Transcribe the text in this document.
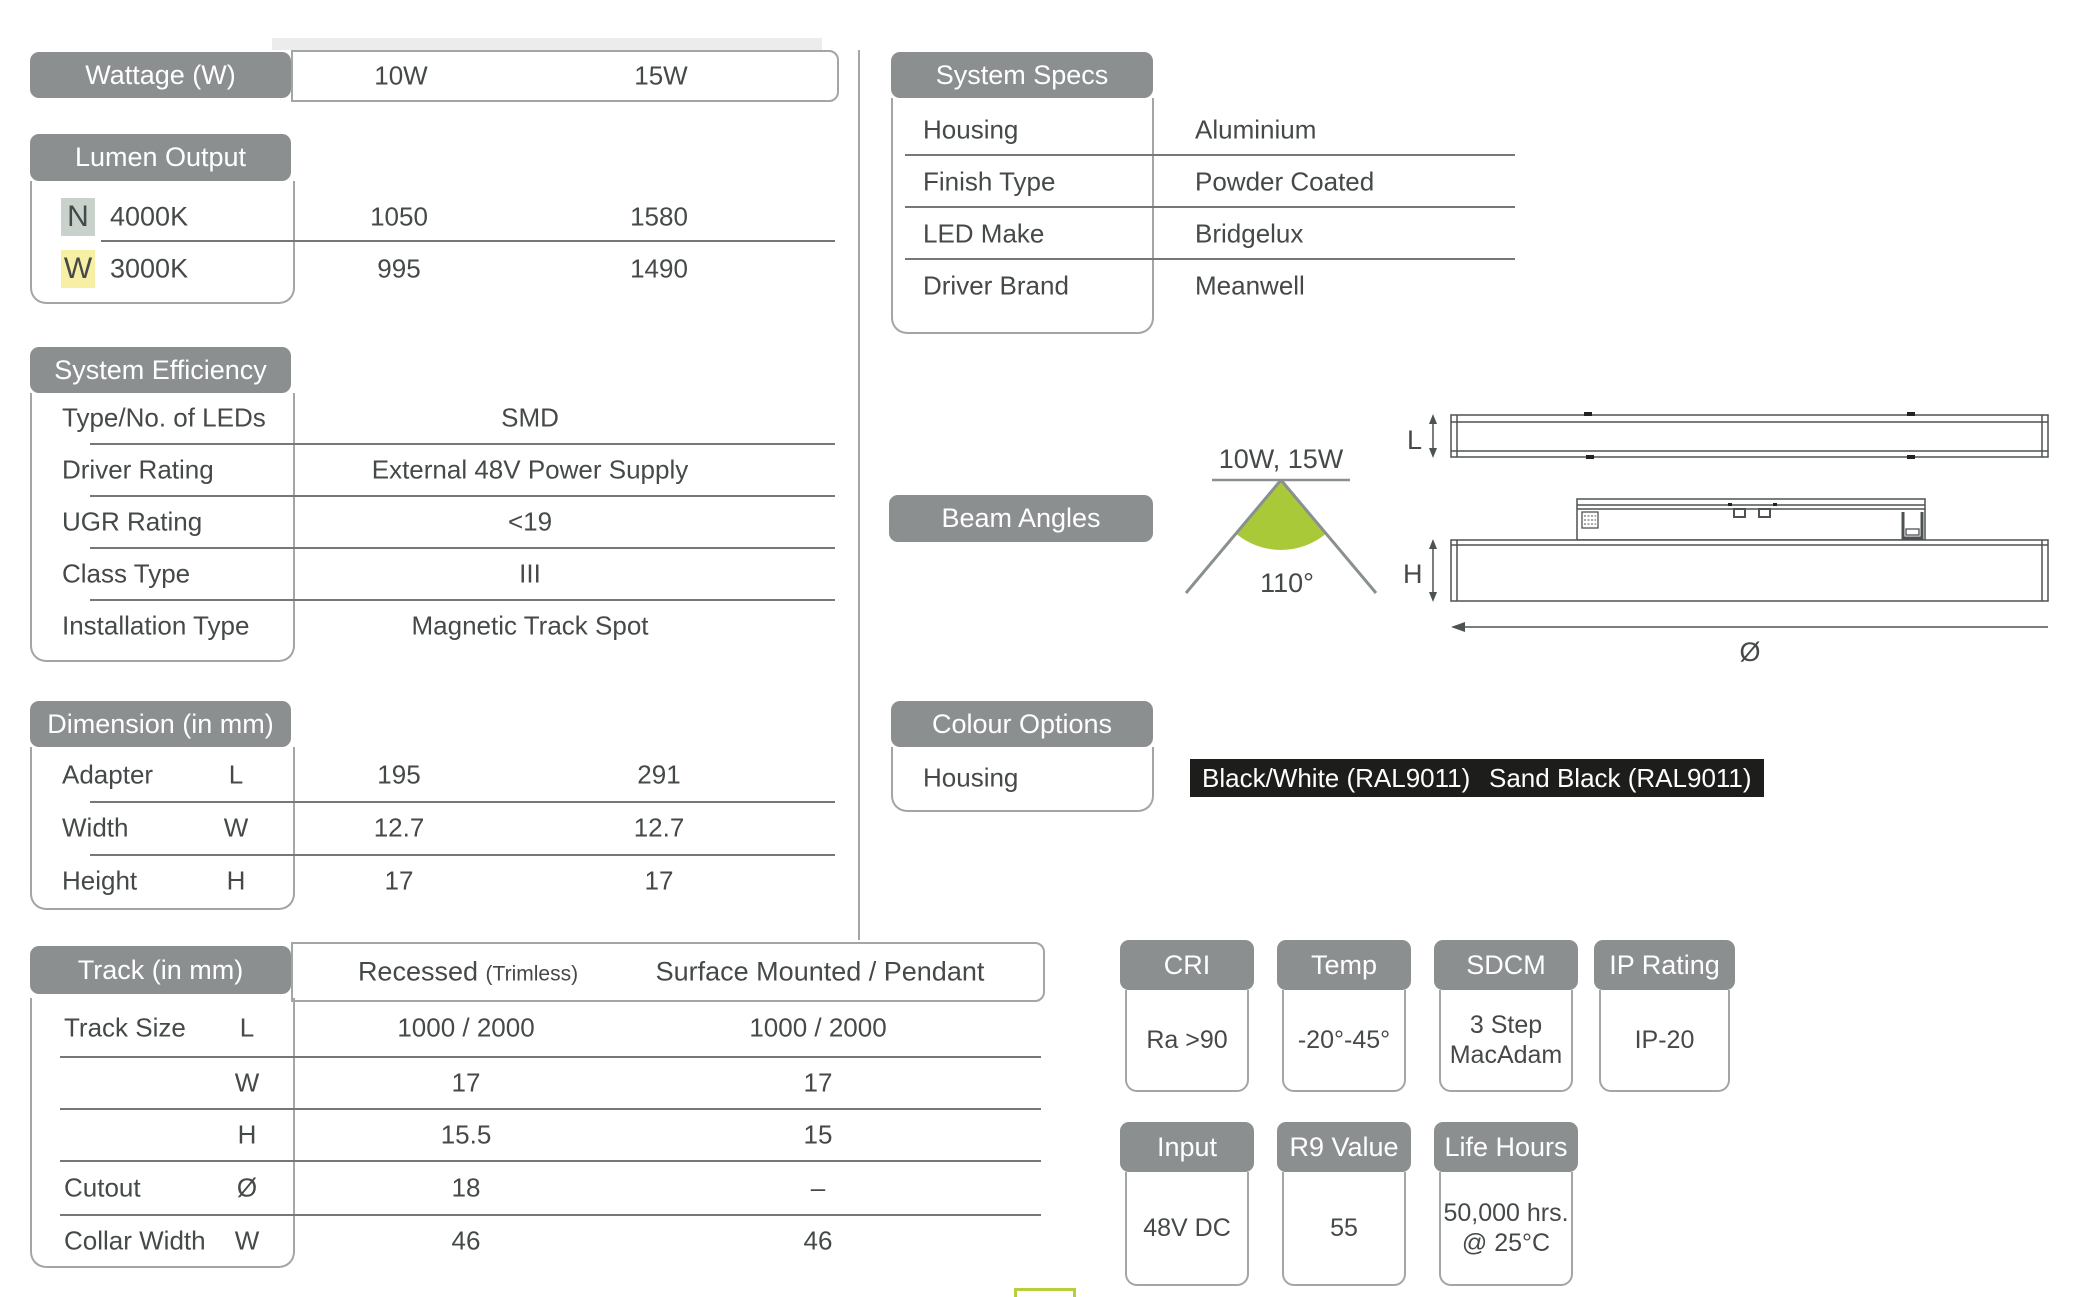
10W	15W
Wattage (W)
Lumen Output
N 4000K	1050	1580
W 3000K	995	1490
System Efficiency
Type/No. of LEDs	SMD
Driver Rating	External 48V Power Supply
UGR Rating	<19
Class Type	III
Installation Type	Magnetic Track Spot
Dimension (in mm)
Adapter	L	195	291
Width	W	12.7	12.7
Height	H	17	17
System Specs
Housing	Aluminium
Finish Type	Powder Coated
LED Make	Bridgelux
Driver Brand	Meanwell
Beam Angles
10W, 15W
110°
L
H
Ø
Colour Options
Housing	Black/White (RAL9011) Sand Black (RAL9011)
Recessed (Trimless)	Surface Mounted / Pendant
Track (in mm)
Track Size L	1000 / 2000	1000 / 2000
W	17	17
H	15.5	15
Cutout	Ø	18	–
Collar Width W	46	46
CRI
Ra >90
Temp
-20°-45°
SDCM
3 Step MacAdam
IP Rating
IP-20
Input
48V DC
R9 Value
55
Life Hours
50,000 hrs.
@ 25°C
